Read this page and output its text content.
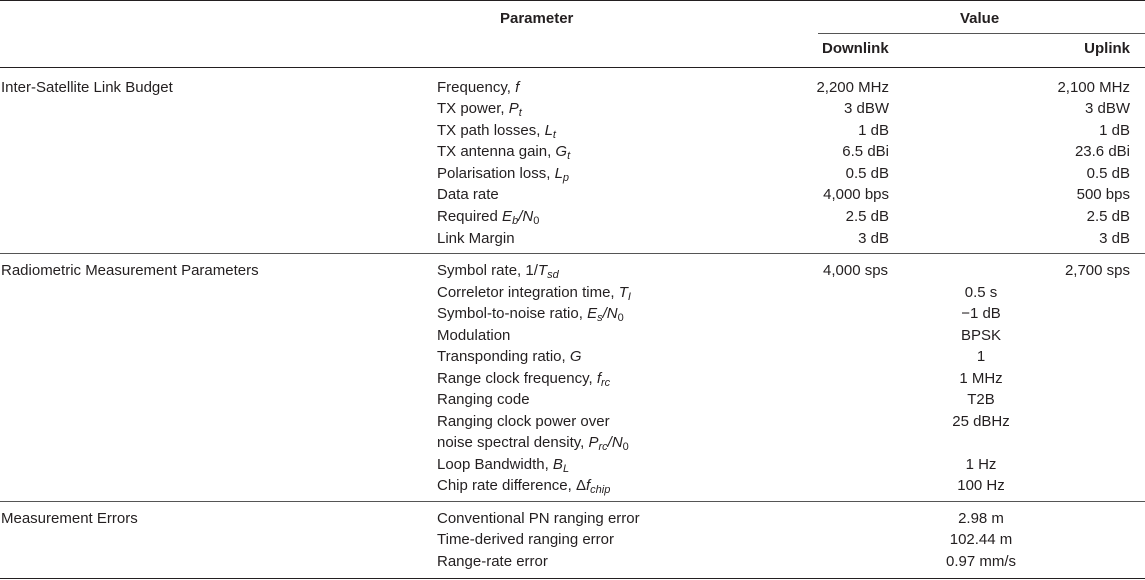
Parameter	Value
Downlink	Uplink
Inter-Satellite Link Budget	Frequency, f	2,200 MHz	2,100 MHz
TX power, $P_t$	3 dBW	3 dBW
TX path losses, $L_t$	1 dB	1 dB
TX antenna gain, $G_t$	6.5 dBi	23.6 dBi
Polarisation loss, $L_p$	0.5 dB	0.5 dB
Data rate	4,000 bps	500 bps
Required $E_b/N_0$	2.5 dB	2.5 dB
Link Margin	3 dB	3 dB
Radiometric Measurement Parameters	Symbol rate, $1/T_{sd}$	4,000 sps	2,700 sps
Correletor integration time, $T_I$	0.5 s
Symbol-to-noise ratio, $E_s/N_0$	−1 dB
Modulation	BPSK
Transponding ratio, G	1
Range clock frequency, $f_{rc}$	1 MHz
Ranging code	T2B
Ranging clock power over	25 dBHz
noise spectral density, $P_{rc}/N_0$
Loop Bandwidth, $B_L$	1 Hz
Chip rate difference, $\Delta f_{chip}$	100 Hz
Measurement Errors	Conventional PN ranging error	2.98 m
Time-derived ranging error	102.44 m
Range-rate error	0.97 mm/s
